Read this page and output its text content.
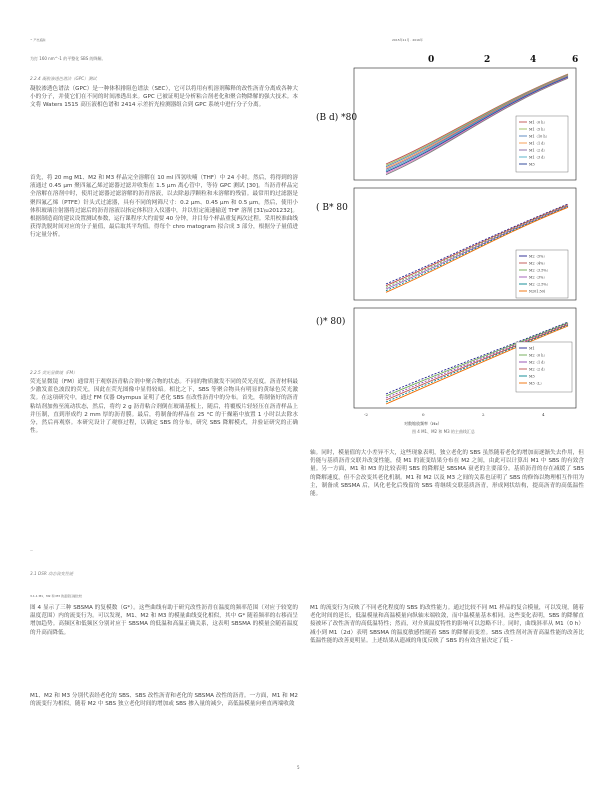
^ 产出追踪	2015年11月 · 2016年
为打 160 nm^-1 的平整化 SBS 的降解。
2.2.4 凝胶渗透色谱法（GPC）测试
凝胶渗透色谱法（GPC）是一种体积排阻色谱法（SEC），它可以将用有机溶剂稀释的改性沥青分离成各种大小的分子，并使它们在不同的时间渗透出来。GPC 已被证明是分析粘合剂老化和聚合物降解的强大技术。本文将 Waters 1515 高压液相色谱和 2414 示差折光检测器组合到 GPC 系统中进行分子分离。
首先，将 20 mg M1、M2 和 M3 样品完全溶解在 10 ml 四氢呋喃（THF）中 24 小时。然后，将得到的溶液通过 0.45 μm 聚四氟乙烯过滤器过滤并收集在 1.5 μm 离心管中，等待 GPC 测试 [30]。当沥青样品完全溶解在溶剂中时，使用过滤器过滤溶解的沥青溶液，以去除悬浮颗粒和未溶解的残留。最常用的过滤器是聚四氟乙烯（PTFE）针头式过滤器，具有不同的网筛尺寸：0.2 μm、0.45 μm 和 0.5 μm。然后，使用小体积玻璃注射器将过滤后的沥青溶液以指定体积注入仪器中，并以恒定流速输送 THF 溶剂 [31\u201232]。根据制造商的建议设置测试参数，运行课程序大约需要 40 分钟，并目每个样品重复两次过程。采用校准曲线获得洗脱时间对应的分子量值，最后取其平均值。得每个 chro matogram 拟合成 3 部分，根据分子量值进行定量分析。
2.2.5 荧光显微镜（FM）
荧光显微镜（FM）通常用于观察沥青粘合剂中聚合物的状态。不同的物质激发不同的荧光亮度。沥青材料最少激发蓝色波段的荧光，因此在荧光图像中显得较暗。相比之下，SBS 等聚合物具有明显的黄绿色荧光激发。在这项研究中，通过 FM 仪器 Olympus 证明了老化 SBS 在改性沥青中的分布。首先，将制备好的沥青粘结剂加热至流动状态，然后，将约 2 g 沥青粘合剂倒在玻璃基板上，随后，将覆板片轻轻压在沥青样品上并压制，直到形成约 2 mm 厚的沥青膜。最后，将制备的样品在 25 °C 的干燥箱中放置 1 小时以去除水分，然后再观察。本研究设计了观察过程，以确定 SBS 的分布，研究 SBS 降解模式，并验证研究的正确性。
—
3.1 DSR 动态流变性能
0	2	4	6
(B d) *80
( B* 80
()* 80)
M1（0 h）
M1（5 h）
M1（10 h）
M1（1 d）
M1（2 d）
M1（3 d）
M3
M2（5%）
M2（4%）
M2（3.5%）
M2（3%）
M2（2.5%）
N201.50)
M1
M2（0 h）
M2（1 d）
M2（2 d）
M3
M3（L）
-2	0	2	4
对数缩放频率（Hz）
图 4 M1、M2 和 M3 的主曲线汇总
轴。同时，模量值的大小差异不大，这些现象表明，独立老化的 SBS 虽然随着老化的增加而逐渐失去作用，但仍能与基质沥青交联并改变性能，使 M1 的流变结果分布在 M2 之间，由此可以计算出 M1 中 SBS 的有效含量。另一方面，M1 和 M3 的比较表明 SBS 的降解是 SBSMA 衰老的主要部分。基质沥青的存在减缓了 SBS 的降解速度，但不会改变其老化机制。M1 和 M2 以及 M3 之间的关系也证明了 SBS 的修饰以物理相互作用为主，制备成 SBSMA 后，风化老化后残留的 SBS 将继续交联基质沥青，形成网状结构，提高沥青的高低温性能。
3.1.1 M1、M2 和 M3 的温度扫描比较
图 4 显示了三种 SBSMA 的复模数（G*）。这些曲线有助于研究改性沥青在温度的频率范围（对应于较宽的温度范围）内的流变行为。可以发现，M1、M2 和 M3 的模量曲线变化相似，其中 G* 随着频率的右移而呈增加趋势。高频区和低频区分别对应于 SBSMA 的低温和高温正确关系，这表明 SBSMA 的模量会随着温度的升高而降低。
M1 的流变行为反映了不同老化程度的 SBS 的改性能力。通过比较不同 M1 样品的复合模量，可以发现，随着老化时间的延长，低温模量和高温模量向纵轴末端收敛，而中温模量基本相同。这些变化表明，SBS 的降解直接被环了改性沥青的高低温特性；然而，对介质温度特性的影响可以忽略不计。同时，曲线斜率从 M1（0 h）减小到 M1（2d）表明 SBSMA 的温度敏感性随着 SBS 的降解而变差。SBS 改性剂对沥青高温性能的改善比低温性能的改善更明显。上述结果从遗减的角度反映了 SBS 的有效含量决定了低 -
M1、M2 和 M3 分别代表经老化的 SBS、SBS 改性沥青和老化的 SBSMA 改性的沥青。一方面，M1 和 M2 的流变行为相似，随着 M2 中 SBS 独立老化时间的增加或 SBS 掺入量的减少，高低温模量向垂直两端收敛
5
